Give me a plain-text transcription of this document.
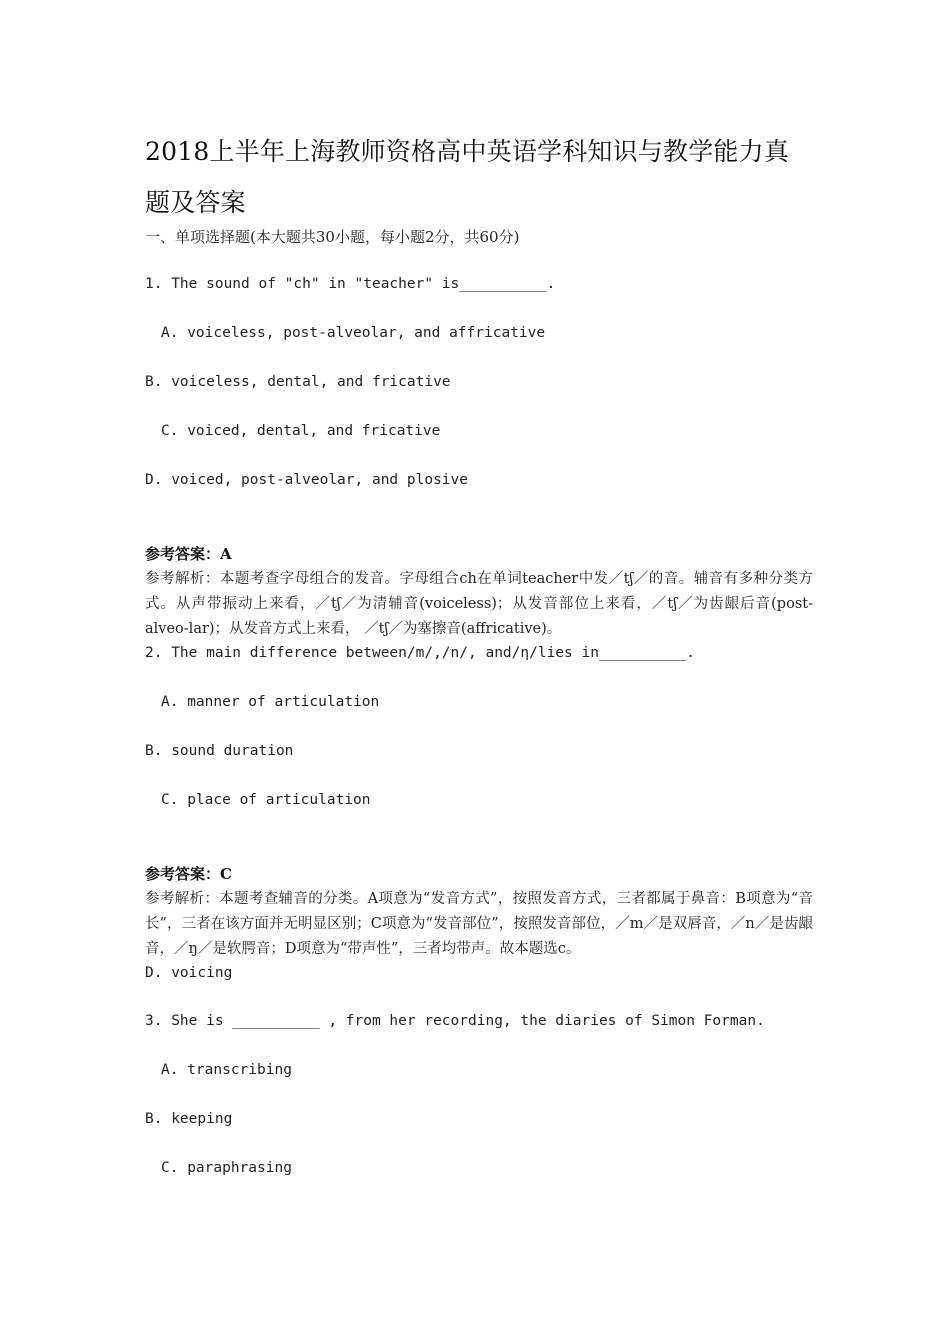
2018上半年上海教师资格高中英语学科知识与教学能力真
题及答案
一、单项选择题(本大题共30小题，每小题2分，共60分)
1. The sound of "ch" in "teacher" is__________.
A. voiceless, post-alveolar, and affricative
B. voiceless, dental, and fricative
C. voiced, dental, and fricative
D. voiced, post-alveolar, and plosive
参考答案：A
参考解析：本题考查字母组合的发音。字母组合ch在单词teacher中发／tʃ／的音。辅音有多种分类方式。从声带振动上来看，／tʃ／为清辅音(voiceless)；从发音部位上来看，／tʃ／为齿龈后音(post-alveo-lar)；从发音方式上来看， ／tʃ／为塞擦音(affricative)。
2. The main difference between/m/,/n/, and/η/lies in__________.
A. manner of articulation
B. sound duration
C. place of articulation
参考答案：C
参考解析：本题考查辅音的分类。A项意为“发音方式”，按照发音方式，三者都属于鼻音：B项意为“音长”，三者在该方面并无明显区别；C项意为“发音部位”，按照发音部位，／m／是双唇音，／n／是齿龈音，／ŋ／是软腭音；D项意为“带声性”，三者均带声。故本题选c。
D. voicing
3. She is __________ , from her recording, the diaries of Simon Forman.
A. transcribing
B. keeping
C. paraphrasing
